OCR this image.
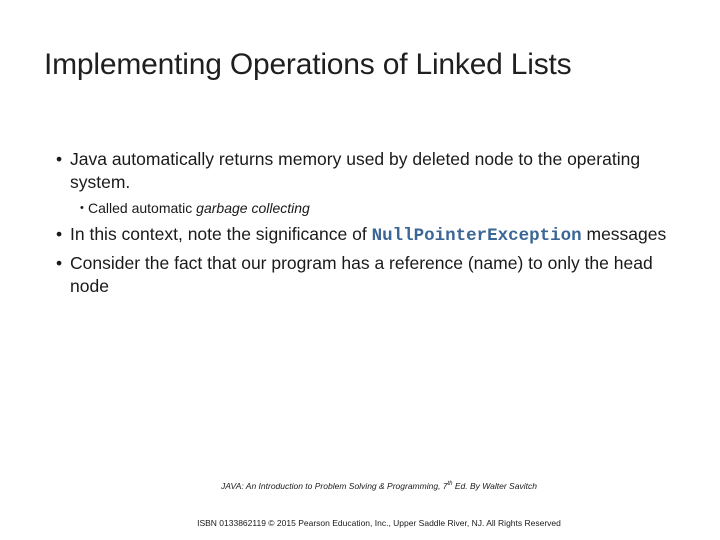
Implementing Operations of Linked Lists
• Java automatically returns memory used by deleted node to the operating system.
• Called automatic garbage collecting
• In this context, note the significance of NullPointerException messages
• Consider the fact that our program has a reference (name) to only the head node
JAVA: An Introduction to Problem Solving & Programming, 7th Ed. By Walter Savitch
ISBN 0133862119 © 2015 Pearson Education, Inc., Upper Saddle River, NJ. All Rights Reserved
